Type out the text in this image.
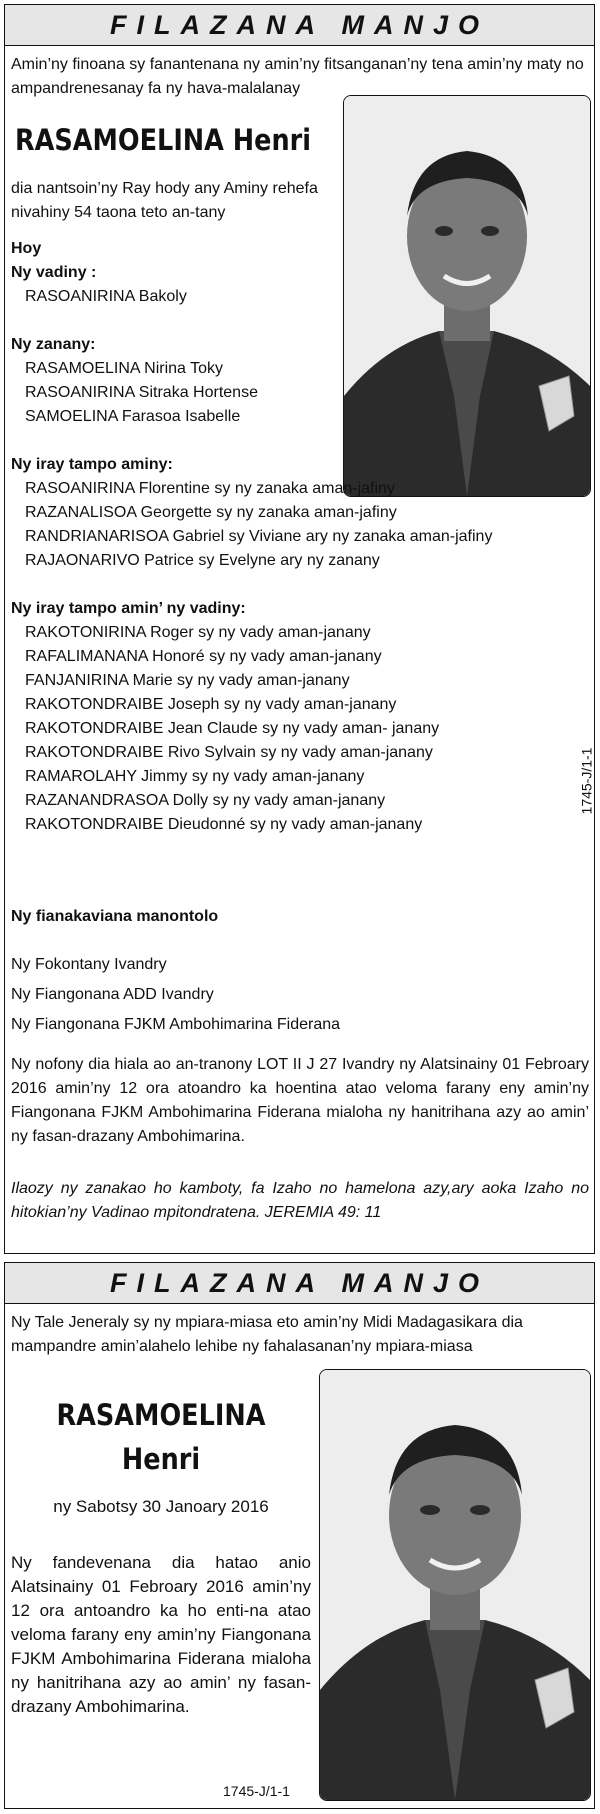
FILAZANA MANJO
Amin’ny finoana sy fanantenana ny amin’ny fitsanganan’ny tena amin’ny maty no ampandrenesanay fa ny hava-malalanay
RASAMOELINA Henri
dia nantsoin’ny Ray hody any Aminy rehefa nivahiny 54 taona teto an-tany
Hoy
Ny vadiny :
RASOANIRINA Bakoly
Ny zanany:
RASAMOELINA Nirina Toky
RASOANIRINA Sitraka Hortense
SAMOELINA Farasoa Isabelle
Ny iray tampo aminy:
RASOANIRINA Florentine sy ny zanaka aman-jafiny
RAZANALISOA Georgette sy ny zanaka aman-jafiny
RANDRIANARISOA Gabriel sy Viviane ary ny zanaka aman-jafiny
RAJAONARIVO Patrice sy Evelyne ary ny zanany
Ny iray tampo amin’ ny vadiny:
RAKOTONIRINA Roger sy ny vady aman-janany
RAFALIMANANA Honoré sy ny vady aman-janany
FANJANIRINA Marie sy ny vady aman-janany
RAKOTONDRAIBE Joseph sy ny vady aman-janany
RAKOTONDRAIBE Jean Claude sy ny vady aman- janany
RAKOTONDRAIBE Rivo Sylvain sy ny vady aman-janany
RAMAROLAHY Jimmy sy ny vady aman-janany
RAZANANDRASOA Dolly sy ny vady aman-janany
RAKOTONDRAIBE Dieudonné sy ny vady aman-janany
1745-J/1-1
Ny fianakaviana manontolo
Ny Fokontany Ivandry
Ny Fiangonana ADD Ivandry
Ny Fiangonana FJKM Ambohimarina Fiderana
Ny nofony dia hiala ao an-tranony LOT II J 27 Ivandry ny Alatsinainy 01 Febroary 2016 amin’ny 12 ora atoandro ka hoentina atao veloma farany eny amin’ny Fiangonana FJKM Ambohimarina Fiderana mialoha ny hanitrihana azy ao amin’ ny fasan-drazany Ambohimarina.
Ilaozy ny zanakao ho kamboty, fa Izaho no hamelona azy,ary aoka Izaho no hitokian’ny Vadinao mpitondratena. JEREMIA 49: 11
FILAZANA MANJO
Ny Tale Jeneraly sy ny mpiara-miasa eto amin’ny Midi Madagasikara dia mampandre amin’alahelo lehibe ny fahalasanan’ny mpiara-miasa
RASAMOELINA
Henri
ny Sabotsy 30 Janoary 2016
Ny fandevenana dia hatao anio Alatsinainy 01 Febroary 2016 amin’ny 12 ora antoandro ka ho enti-na atao veloma farany eny amin’ny Fiangonana FJKM Ambohimarina Fiderana mialoha ny hanitrihana azy ao amin’ ny fasan-drazany Ambohimarina.
1745-J/1-1
